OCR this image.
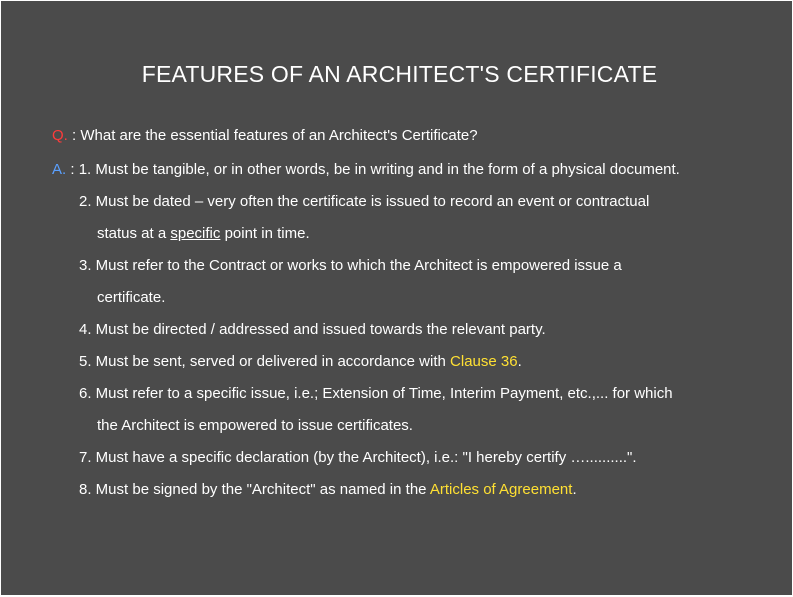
FEATURES OF AN ARCHITECT'S CERTIFICATE
Q. : What are the essential features of an Architect's Certificate?
A. : 1. Must be tangible, or in other words, be in writing and in the form of a physical document.
2. Must be dated – very often the certificate is issued to record an event or contractual
status at a specific point in time.
3. Must refer to the Contract or works to which the Architect is empowered issue a
certificate.
4. Must be directed / addressed and issued towards the relevant party.
5. Must be sent, served or delivered in accordance with Clause 36.
6. Must refer to a specific issue, i.e.; Extension of Time, Interim Payment, etc.,... for which
the Architect is empowered to issue certificates.
7. Must have a specific declaration (by the Architect), i.e.: "I hereby certify …..........".
8. Must be signed by the "Architect" as named in the Articles of Agreement.
